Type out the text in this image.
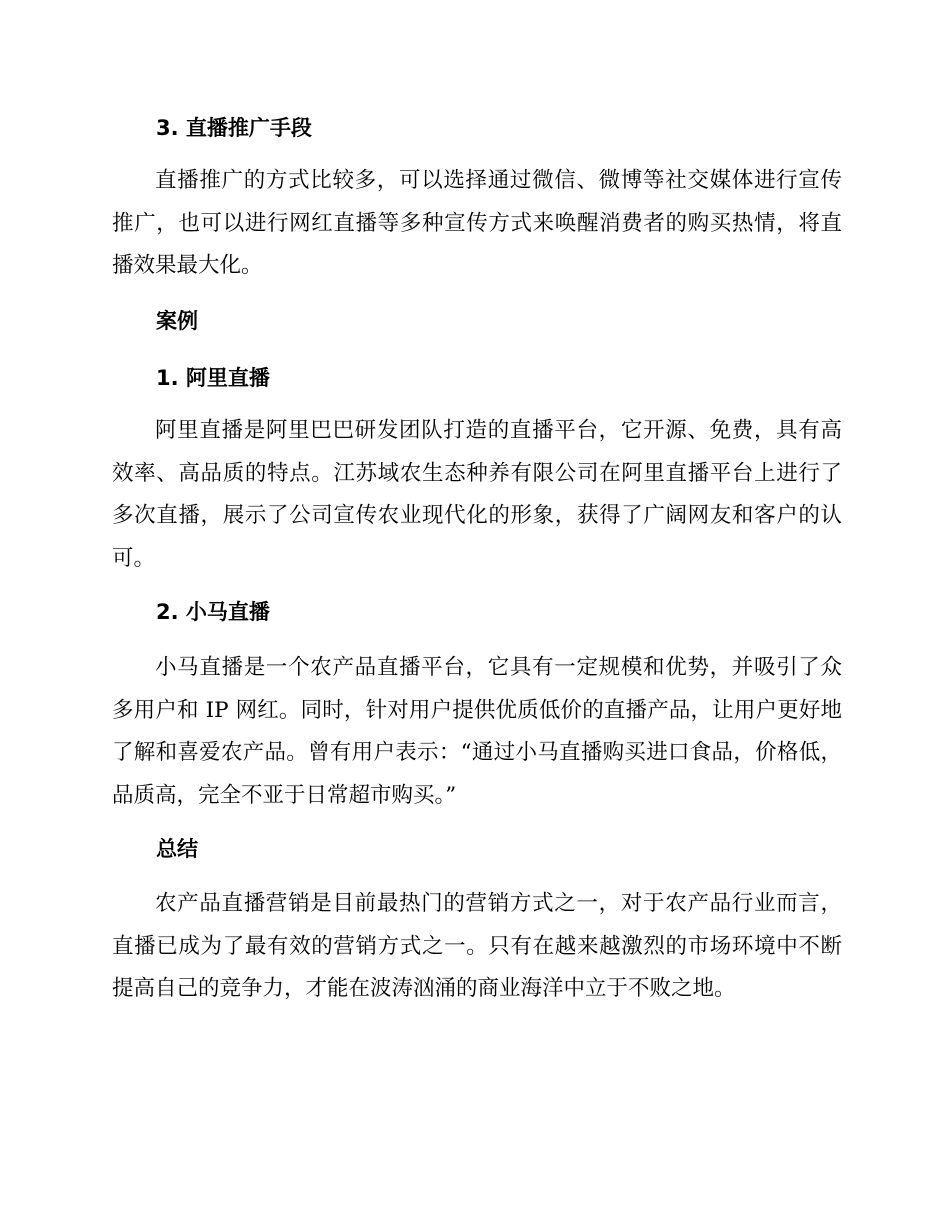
3. 直播推广手段

直播推广的方式比较多，可以选择通过微信、微博等社交媒体进行宣传推广，也可以进行网红直播等多种宣传方式来唤醒消费者的购买热情，将直播效果最大化。

案例
1. 阿里直播

阿里直播是阿里巴巴研发团队打造的直播平台，它开源、免费，具有高效率、高品质的特点。江苏域农生态种养有限公司在阿里直播平台上进行了多次直播，展示了公司宣传农业现代化的形象，获得了广阔网友和客户的认可。

2. 小马直播

小马直播是一个农产品直播平台，它具有一定规模和优势，并吸引了众多用户和 IP 网红。同时，针对用户提供优质低价的直播产品，让用户更好地了解和喜爱农产品。曾有用户表示：“通过小马直播购买进口食品，价格低，品质高，完全不亚于日常超市购买。”

总结

农产品直播营销是目前最热门的营销方式之一，对于农产品行业而言，直播已成为了最有效的营销方式之一。只有在越来越激烈的市场环境中不断提高自己的竞争力，才能在波涛汹涌的商业海洋中立于不败之地。
